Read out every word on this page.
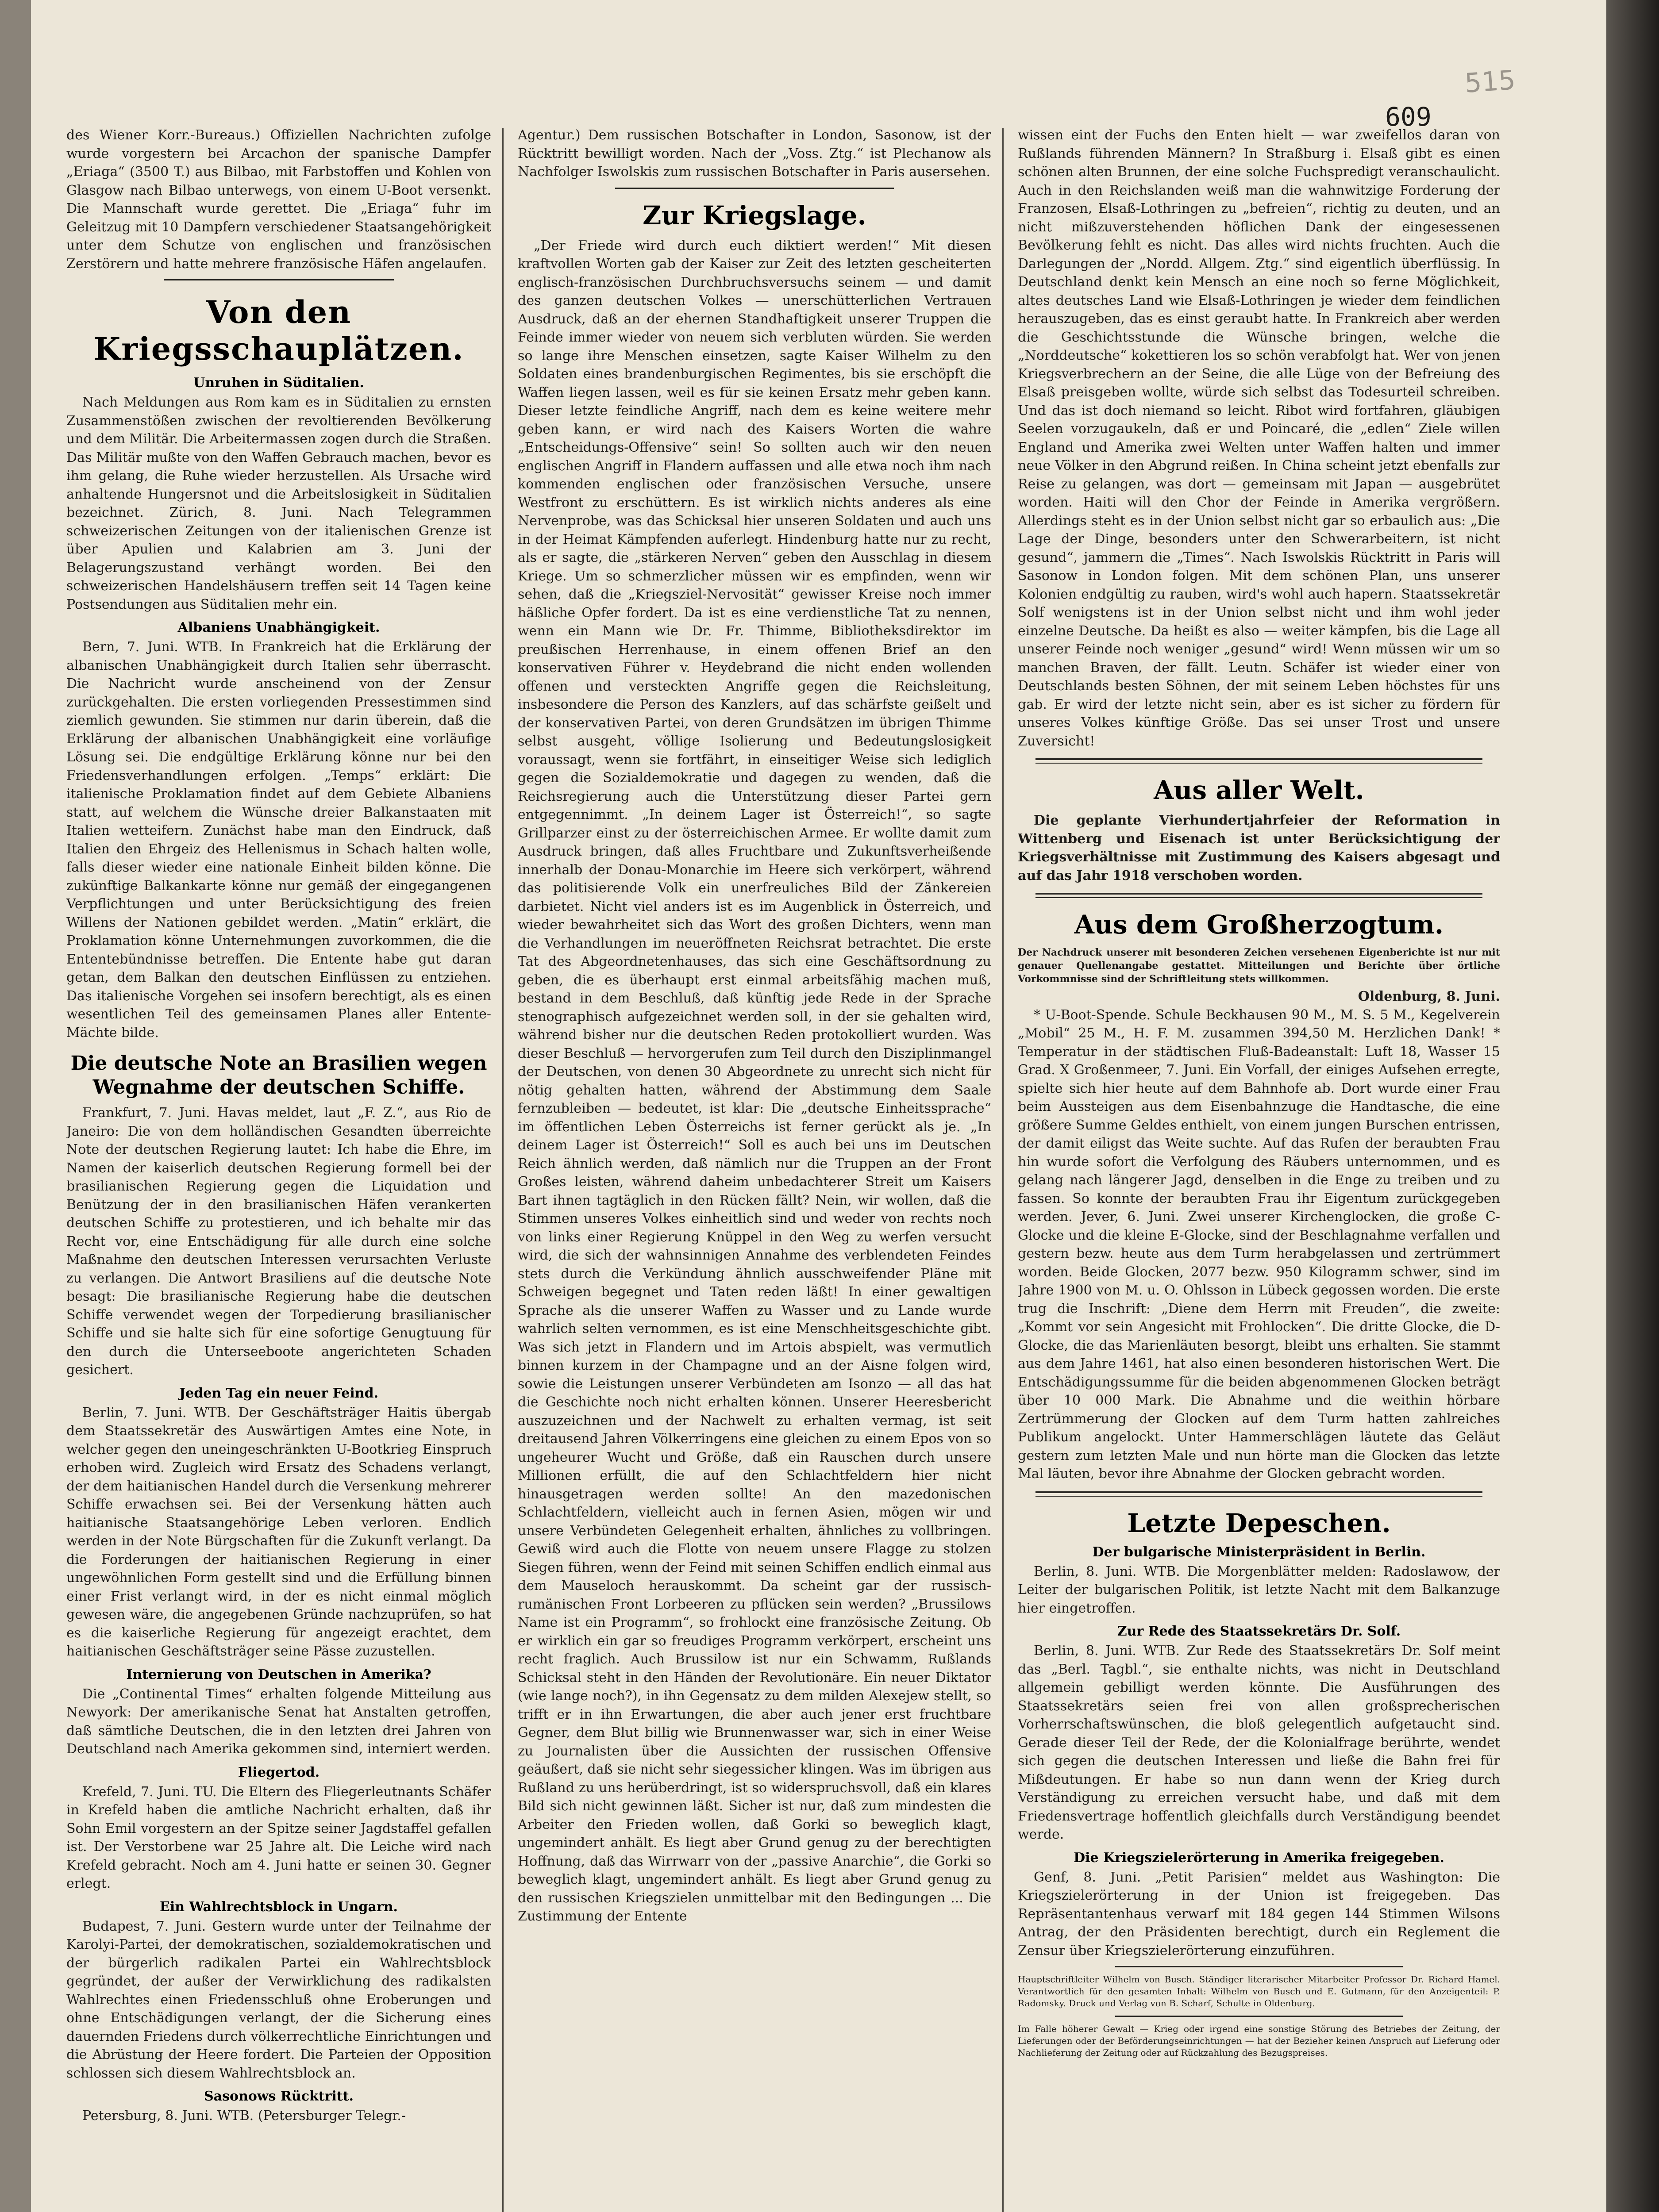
515
609

des Wiener Korr.-Bureaus.) Offiziellen Nachrichten zufolge wurde vorgestern bei Arcachon der spanische Dampfer „Eriaga“ (3500 T.) aus Bilbao, mit Farbstoffen und Kohlen von Glasgow nach Bilbao unterwegs, von einem U-Boot versenkt. Die Mannschaft wurde gerettet. Die „Eriaga“ fuhr im Geleitzug mit 10 Dampfern verschiedener Staatsangehörigkeit unter dem Schutze von englischen und französischen Zerstörern und hatte mehrere französische Häfen angelaufen.

Von den Kriegsschauplätzen.
Unruhen in Süditalien.

Nach Meldungen aus Rom kam es in Süditalien zu ernsten Zusammenstößen zwischen der revoltierenden Bevölkerung und dem Militär. Die Arbeitermassen zogen durch die Straßen. Das Militär mußte von den Waffen Gebrauch machen, bevor es ihm gelang, die Ruhe wieder herzustellen. Als Ursache wird anhaltende Hungersnot und die Arbeitslosigkeit in Süditalien bezeichnet. Zürich, 8. Juni. Nach Telegrammen schweizerischen Zeitungen von der italienischen Grenze ist über Apulien und Kalabrien am 3. Juni der Belagerungszustand verhängt worden. Bei den schweizerischen Handelshäusern treffen seit 14 Tagen keine Postsendungen aus Süditalien mehr ein.

Albaniens Unabhängigkeit.

Bern, 7. Juni. WTB. In Frankreich hat die Erklärung der albanischen Unabhängigkeit durch Italien sehr überrascht. Die Nachricht wurde anscheinend von der Zensur zurückgehalten. Die ersten vorliegenden Pressestimmen sind ziemlich gewunden. Sie stimmen nur darin überein, daß die Erklärung der albanischen Unabhängigkeit eine vorläufige Lösung sei. Die endgültige Erklärung könne nur bei den Friedensverhandlungen erfolgen. „Temps“ erklärt: Die italienische Proklamation findet auf dem Gebiete Albaniens statt, auf welchem die Wünsche dreier Balkanstaaten mit Italien wetteifern. Zunächst habe man den Eindruck, daß Italien den Ehrgeiz des Hellenismus in Schach halten wolle, falls dieser wieder eine nationale Einheit bilden könne. Die zukünftige Balkankarte könne nur gemäß der eingegangenen Verpflichtungen und unter Berücksichtigung des freien Willens der Nationen gebildet werden. „Matin“ erklärt, die Proklamation könne Unternehmungen zuvorkommen, die die Ententebündnisse betreffen. Die Entente habe gut daran getan, dem Balkan den deutschen Einflüssen zu entziehen. Das italienische Vorgehen sei insofern berechtigt, als es einen wesentlichen Teil des gemeinsamen Planes aller Entente-Mächte bilde.

Die deutsche Note an Brasilien wegen Wegnahme der deutschen Schiffe.

Frankfurt, 7. Juni. Havas meldet, laut „F. Z.“, aus Rio de Janeiro: Die von dem holländischen Gesandten überreichte Note der deutschen Regierung lautet: Ich habe die Ehre, im Namen der kaiserlich deutschen Regierung formell bei der brasilianischen Regierung gegen die Liquidation und Benützung der in den brasilianischen Häfen verankerten deutschen Schiffe zu protestieren, und ich behalte mir das Recht vor, eine Entschädigung für alle durch eine solche Maßnahme den deutschen Interessen verursachten Verluste zu verlangen. Die Antwort Brasiliens auf die deutsche Note besagt: Die brasilianische Regierung habe die deutschen Schiffe verwendet wegen der Torpedierung brasilianischer Schiffe und sie halte sich für eine sofortige Genugtuung für den durch die Unterseeboote angerichteten Schaden gesichert.

Jeden Tag ein neuer Feind.

Berlin, 7. Juni. WTB. Der Geschäftsträger Haitis übergab dem Staatssekretär des Auswärtigen Amtes eine Note, in welcher gegen den uneingeschränkten U-Bootkrieg Einspruch erhoben wird. Zugleich wird Ersatz des Schadens verlangt, der dem haitianischen Handel durch die Versenkung mehrerer Schiffe erwachsen sei. Bei der Versenkung hätten auch haitianische Staatsangehörige Leben verloren. Endlich werden in der Note Bürgschaften für die Zukunft verlangt. Da die Forderungen der haitianischen Regierung in einer ungewöhnlichen Form gestellt sind und die Erfüllung binnen einer Frist verlangt wird, in der es nicht einmal möglich gewesen wäre, die angegebenen Gründe nachzuprüfen, so hat es die kaiserliche Regierung für angezeigt erachtet, dem haitianischen Geschäftsträger seine Pässe zuzustellen.

Internierung von Deutschen in Amerika?

Die „Continental Times“ erhalten folgende Mitteilung aus Newyork: Der amerikanische Senat hat Anstalten getroffen, daß sämtliche Deutschen, die in den letzten drei Jahren von Deutschland nach Amerika gekommen sind, interniert werden.

Fliegertod.

Krefeld, 7. Juni. TU. Die Eltern des Fliegerleutnants Schäfer in Krefeld haben die amtliche Nachricht erhalten, daß ihr Sohn Emil vorgestern an der Spitze seiner Jagdstaffel gefallen ist. Der Verstorbene war 25 Jahre alt. Die Leiche wird nach Krefeld gebracht. Noch am 4. Juni hatte er seinen 30. Gegner erlegt.

Ein Wahlrechtsblock in Ungarn.

Budapest, 7. Juni. Gestern wurde unter der Teilnahme der Karolyi-Partei, der demokratischen, sozialdemokratischen und der bürgerlich radikalen Partei ein Wahlrechtsblock gegründet, der außer der Verwirklichung des radikalsten Wahlrechtes einen Friedensschluß ohne Eroberungen und ohne Entschädigungen verlangt, der die Sicherung eines dauernden Friedens durch völkerrechtliche Einrichtungen und die Abrüstung der Heere fordert. Die Parteien der Opposition schlossen sich diesem Wahlrechtsblock an.

Sasonows Rücktritt.

Petersburg, 8. Juni. WTB. (Petersburger Telegr.-

Agentur.) Dem russischen Botschafter in London, Sasonow, ist der Rücktritt bewilligt worden. Nach der „Voss. Ztg.“ ist Plechanow als Nachfolger Iswolskis zum russischen Botschafter in Paris ausersehen.

Zur Kriegslage.

„Der Friede wird durch euch diktiert werden!“ Mit diesen kraftvollen Worten gab der Kaiser zur Zeit des letzten gescheiterten englisch-französischen Durchbruchsversuchs seinem — und damit des ganzen deutschen Volkes — unerschütterlichen Vertrauen Ausdruck, daß an der ehernen Standhaftigkeit unserer Truppen die Feinde immer wieder von neuem sich verbluten würden. Sie werden so lange ihre Menschen einsetzen, sagte Kaiser Wilhelm zu den Soldaten eines brandenburgischen Regimentes, bis sie erschöpft die Waffen liegen lassen, weil es für sie keinen Ersatz mehr geben kann. Dieser letzte feindliche Angriff, nach dem es keine weitere mehr geben kann, er wird nach des Kaisers Worten die wahre „Entscheidungs-Offensive“ sein! So sollten auch wir den neuen englischen Angriff in Flandern auffassen und alle etwa noch ihm nach kommenden englischen oder französischen Versuche, unsere Westfront zu erschüttern. Es ist wirklich nichts anderes als eine Nervenprobe, was das Schicksal hier unseren Soldaten und auch uns in der Heimat Kämpfenden auferlegt. Hindenburg hatte nur zu recht, als er sagte, die „stärkeren Nerven“ geben den Ausschlag in diesem Kriege. Um so schmerzlicher müssen wir es empfinden, wenn wir sehen, daß die „Kriegsziel-Nervosität“ gewisser Kreise noch immer häßliche Opfer fordert. Da ist es eine verdienstliche Tat zu nennen, wenn ein Mann wie Dr. Fr. Thimme, Bibliotheksdirektor im preußischen Herrenhause, in einem offenen Brief an den konservativen Führer v. Heydebrand die nicht enden wollenden offenen und versteckten Angriffe gegen die Reichsleitung, insbesondere die Person des Kanzlers, auf das schärfste geißelt und der konservativen Partei, von deren Grundsätzen im übrigen Thimme selbst ausgeht, völlige Isolierung und Bedeutungslosigkeit voraussagt, wenn sie fortfährt, in einseitiger Weise sich lediglich gegen die Sozialdemokratie und dagegen zu wenden, daß die Reichsregierung auch die Unterstützung dieser Partei gern entgegennimmt. „In deinem Lager ist Österreich!“, so sagte Grillparzer einst zu der österreichischen Armee. Er wollte damit zum Ausdruck bringen, daß alles Fruchtbare und Zukunftsverheißende innerhalb der Donau-Monarchie im Heere sich verkörpert, während das politisierende Volk ein unerfreuliches Bild der Zänkereien darbietet. Nicht viel anders ist es im Augenblick in Österreich, und wieder bewahrheitet sich das Wort des großen Dichters, wenn man die Verhandlungen im neueröffneten Reichsrat betrachtet. Die erste Tat des Abgeordnetenhauses, das sich eine Geschäftsordnung zu geben, die es überhaupt erst einmal arbeitsfähig machen muß, bestand in dem Beschluß, daß künftig jede Rede in der Sprache stenographisch aufgezeichnet werden soll, in der sie gehalten wird, während bisher nur die deutschen Reden protokolliert wurden. Was dieser Beschluß — hervorgerufen zum Teil durch den Disziplinmangel der Deutschen, von denen 30 Abgeordnete zu unrecht sich nicht für nötig gehalten hatten, während der Abstimmung dem Saale fernzubleiben — bedeutet, ist klar: Die „deutsche Einheitssprache“ im öffentlichen Leben Österreichs ist ferner gerückt als je. „In deinem Lager ist Österreich!“ Soll es auch bei uns im Deutschen Reich ähnlich werden, daß nämlich nur die Truppen an der Front Großes leisten, während daheim unbedachterer Streit um Kaisers Bart ihnen tagtäglich in den Rücken fällt? Nein, wir wollen, daß die Stimmen unseres Volkes einheitlich sind und weder von rechts noch von links einer Regierung Knüppel in den Weg zu werfen versucht wird, die sich der wahnsinnigen Annahme des verblendeten Feindes stets durch die Verkündung ähnlich ausschweifender Pläne mit Schweigen begegnet und Taten reden läßt! In einer gewaltigen Sprache als die unserer Waffen zu Wasser und zu Lande wurde wahrlich selten vernommen, es ist eine Menschheitsgeschichte gibt. Was sich jetzt in Flandern und im Artois abspielt, was vermutlich binnen kurzem in der Champagne und an der Aisne folgen wird, sowie die Leistungen unserer Verbündeten am Isonzo — all das hat die Geschichte noch nicht erhalten können. Unserer Heeresbericht auszuzeichnen und der Nachwelt zu erhalten vermag, ist seit dreitausend Jahren Völkerringens eine gleichen zu einem Epos von so ungeheurer Wucht und Größe, daß ein Rauschen durch unsere Millionen erfüllt, die auf den Schlachtfeldern hier nicht hinausgetragen werden sollte! An den mazedonischen Schlachtfeldern, vielleicht auch in fernen Asien, mögen wir und unsere Verbündeten Gelegenheit erhalten, ähnliches zu vollbringen. Gewiß wird auch die Flotte von neuem unsere Flagge zu stolzen Siegen führen, wenn der Feind mit seinen Schiffen endlich einmal aus dem Mauseloch herauskommt. Da scheint gar der russisch-rumänischen Front Lorbeeren zu pflücken sein werden? „Brussilows Name ist ein Programm“, so frohlockt eine französische Zeitung. Ob er wirklich ein gar so freudiges Programm verkörpert, erscheint uns recht fraglich. Auch Brussilow ist nur ein Schwamm, Rußlands Schicksal steht in den Händen der Revolutionäre. Ein neuer Diktator (wie lange noch?), in ihn Gegensatz zu dem milden Alexejew stellt, so trifft er in ihn Erwartungen, die aber auch jener erst fruchtbare Gegner, dem Blut billig wie Brunnenwasser war, sich in einer Weise zu Journalisten über die Aussichten der russischen Offensive geäußert, daß sie nicht sehr siegessicher klingen. Was im übrigen aus Rußland zu uns herüberdringt, ist so widerspruchsvoll, daß ein klares Bild sich nicht gewinnen läßt. Sicher ist nur, daß zum mindesten die Arbeiter den Frieden wollen, daß Gorki so beweglich klagt, ungemindert anhält. Es liegt aber Grund genug zu der berechtigten Hoffnung, daß das Wirrwarr von der „passive Anarchie“, die Gorki so beweglich klagt, ungemindert anhält. Es liegt aber Grund genug zu den russischen Kriegszielen unmittelbar mit den Bedingungen ... Die Zustimmung der Entente

wissen eint der Fuchs den Enten hielt — war zweifellos daran von Rußlands führenden Männern? In Straßburg i. Elsaß gibt es einen schönen alten Brunnen, der eine solche Fuchspredigt veranschaulicht. Auch in den Reichslanden weiß man die wahnwitzige Forderung der Franzosen, Elsaß-Lothringen zu „befreien“, richtig zu deuten, und an nicht mißzuverstehenden höflichen Dank der eingesessenen Bevölkerung fehlt es nicht. Das alles wird nichts fruchten. Auch die Darlegungen der „Nordd. Allgem. Ztg.“ sind eigentlich überflüssig. In Deutschland denkt kein Mensch an eine noch so ferne Möglichkeit, altes deutsches Land wie Elsaß-Lothringen je wieder dem feindlichen herauszugeben, das es einst geraubt hatte. In Frankreich aber werden die Geschichtsstunde die Wünsche bringen, welche die „Norddeutsche“ kokettieren los so schön verabfolgt hat. Wer von jenen Kriegsverbrechern an der Seine, die alle Lüge von der Befreiung des Elsaß preisgeben wollte, würde sich selbst das Todesurteil schreiben. Und das ist doch niemand so leicht. Ribot wird fortfahren, gläubigen Seelen vorzugaukeln, daß er und Poincaré, die „edlen“ Ziele willen England und Amerika zwei Welten unter Waffen halten und immer neue Völker in den Abgrund reißen. In China scheint jetzt ebenfalls zur Reise zu gelangen, was dort — gemeinsam mit Japan — ausgebrütet worden. Haiti will den Chor der Feinde in Amerika vergrößern. Allerdings steht es in der Union selbst nicht gar so erbaulich aus: „Die Lage der Dinge, besonders unter den Schwerarbeitern, ist nicht gesund“, jammern die „Times“. Nach Iswolskis Rücktritt in Paris will Sasonow in London folgen. Mit dem schönen Plan, uns unserer Kolonien endgültig zu rauben, wird's wohl auch hapern. Staatssekretär Solf wenigstens ist in der Union selbst nicht und ihm wohl jeder einzelne Deutsche. Da heißt es also — weiter kämpfen, bis die Lage all unserer Feinde noch weniger „gesund“ wird! Wenn müssen wir um so manchen Braven, der fällt. Leutn. Schäfer ist wieder einer von Deutschlands besten Söhnen, der mit seinem Leben höchstes für uns gab. Er wird der letzte nicht sein, aber es ist sicher zu fördern für unseres Volkes künftige Größe. Das sei unser Trost und unsere Zuversicht!

Aus aller Welt.

Die geplante Vierhundertjahrfeier der Reformation in Wittenberg und Eisenach ist unter Berücksichtigung der Kriegsverhältnisse mit Zustimmung des Kaisers abgesagt und auf das Jahr 1918 verschoben worden.

Aus dem Großherzogtum.

Der Nachdruck unserer mit besonderen Zeichen versehenen Eigenberichte ist nur mit genauer Quellenangabe gestattet. Mitteilungen und Berichte über örtliche Vorkommnisse sind der Schriftleitung stets willkommen.

Oldenburg, 8. Juni.

* U-Boot-Spende. Schule Beckhausen 90 M., M. S. 5 M., Kegelverein „Mobil“ 25 M., H. F. M. zusammen 394,50 M. Herzlichen Dank! * Temperatur in der städtischen Fluß-Badeanstalt: Luft 18, Wasser 15 Grad. X Großenmeer, 7. Juni. Ein Vorfall, der einiges Aufsehen erregte, spielte sich hier heute auf dem Bahnhofe ab. Dort wurde einer Frau beim Aussteigen aus dem Eisenbahnzuge die Handtasche, die eine größere Summe Geldes enthielt, von einem jungen Burschen entrissen, der damit eiligst das Weite suchte. Auf das Rufen der beraubten Frau hin wurde sofort die Verfolgung des Räubers unternommen, und es gelang nach längerer Jagd, denselben in die Enge zu treiben und zu fassen. So konnte der beraubten Frau ihr Eigentum zurückgegeben werden. Jever, 6. Juni. Zwei unserer Kirchenglocken, die große C-Glocke und die kleine E-Glocke, sind der Beschlagnahme verfallen und gestern bezw. heute aus dem Turm herabgelassen und zertrümmert worden. Beide Glocken, 2077 bezw. 950 Kilogramm schwer, sind im Jahre 1900 von M. u. O. Ohlsson in Lübeck gegossen worden. Die erste trug die Inschrift: „Diene dem Herrn mit Freuden“, die zweite: „Kommt vor sein Angesicht mit Frohlocken“. Die dritte Glocke, die D-Glocke, die das Marienläuten besorgt, bleibt uns erhalten. Sie stammt aus dem Jahre 1461, hat also einen besonderen historischen Wert. Die Entschädigungssumme für die beiden abgenommenen Glocken beträgt über 10 000 Mark. Die Abnahme und die weithin hörbare Zertrümmerung der Glocken auf dem Turm hatten zahlreiches Publikum angelockt. Unter Hammerschlägen läutete das Geläut gestern zum letzten Male und nun hörte man die Glocken das letzte Mal läuten, bevor ihre Abnahme der Glocken gebracht worden.

Letzte Depeschen.
Der bulgarische Ministerpräsident in Berlin.

Berlin, 8. Juni. WTB. Die Morgenblätter melden: Radoslawow, der Leiter der bulgarischen Politik, ist letzte Nacht mit dem Balkanzuge hier eingetroffen.

Zur Rede des Staatssekretärs Dr. Solf.

Berlin, 8. Juni. WTB. Zur Rede des Staatssekretärs Dr. Solf meint das „Berl. Tagbl.“, sie enthalte nichts, was nicht in Deutschland allgemein gebilligt werden könnte. Die Ausführungen des Staatssekretärs seien frei von allen großsprecherischen Vorherrschaftswünschen, die bloß gelegentlich aufgetaucht sind. Gerade dieser Teil der Rede, der die Kolonialfrage berührte, wendet sich gegen die deutschen Interessen und ließe die Bahn frei für Mißdeutungen. Er habe so nun dann wenn der Krieg durch Verständigung zu erreichen versucht habe, und daß mit dem Friedensvertrage hoffentlich gleichfalls durch Verständigung beendet werde.

Die Kriegszielerörterung in Amerika freigegeben.

Genf, 8. Juni. „Petit Parisien“ meldet aus Washington: Die Kriegszielerörterung in der Union ist freigegeben. Das Repräsentantenhaus verwarf mit 184 gegen 144 Stimmen Wilsons Antrag, der den Präsidenten berechtigt, durch ein Reglement die Zensur über Kriegszielerörterung einzuführen.

Hauptschriftleiter Wilhelm von Busch. Ständiger literarischer Mitarbeiter Professor Dr. Richard Hamel. Verantwortlich für den gesamten Inhalt: Wilhelm von Busch und E. Gutmann, für den Anzeigenteil: P. Radomsky. Druck und Verlag von B. Scharf, Schulte in Oldenburg.

Im Falle höherer Gewalt — Krieg oder irgend eine sonstige Störung des Betriebes der Zeitung, der Lieferungen oder der Beförderungseinrichtungen — hat der Bezieher keinen Anspruch auf Lieferung oder Nachlieferung der Zeitung oder auf Rückzahlung des Bezugspreises.
